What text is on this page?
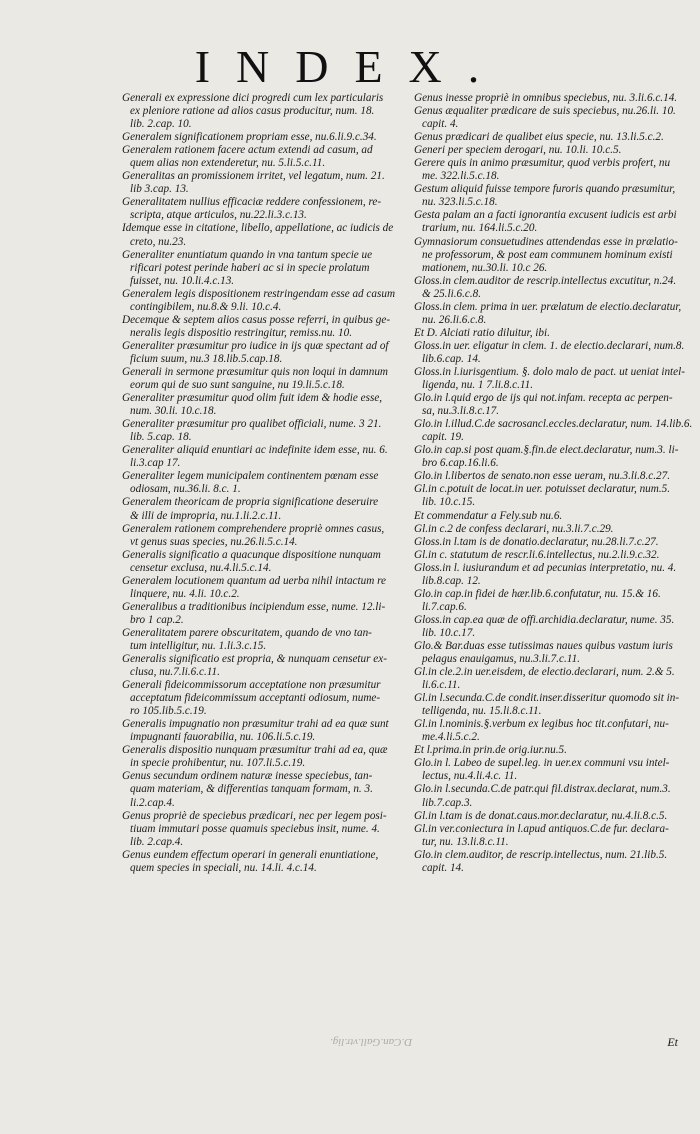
INDEX.
Generali ex expressione dici progredi cum lex particularis
ex pleniore ratione ad alios casus producitur, num. 18.
lib. 2.cap. 10.
Generalem significationem propriam esse, nu.6.li.9.c.34.
Generalem rationem facere actum extendi ad casum, ad
quem alias non extenderetur, nu. 5.li.5.c.11.
Generalitas an promissionem irritet, vel legatum, num. 21.
lib 3.cap. 13.
Generalitatem nullius efficaciæ reddere confessionem, re-
scripta, atque articulos, nu.22.li.3.c.13.
Idemque esse in citatione, libello, appellatione, ac iudicis de
creto, nu.23.
Generaliter enuntiatum quando in vna tantum specie ue
rificari potest perinde haberi ac si in specie prolatum
fuisset, nu. 10.li.4.c.13.
Generalem legis dispositionem restringendam esse ad casum
contingibilem, nu.8.& 9.li. 10.c.4.
Decemque & septem alios casus posse referri, in quibus ge-
neralis legis dispositio restringitur, remiss.nu. 10.
Generaliter præsumitur pro iudice in ijs quæ spectant ad of
ficium suum, nu.3 18.lib.5.cap.18.
Generali in sermone præsumitur quis non loqui in damnum
eorum qui de suo sunt sanguine, nu 19.li.5.c.18.
Generaliter præsumitur quod olim fuit idem & hodie esse,
num. 30.li. 10.c.18.
Generaliter præsumitur pro qualibet officiali, nume. 3 21.
lib. 5.cap. 18.
Generaliter aliquid enuntiari ac indefinite idem esse, nu. 6.
li.3.cap 17.
Generaliter legem municipalem continentem pœnam esse
odiosam, nu.36.li. 8.c. 1.
Generalem theoricam de propria significatione deseruire
& illi de impropria, nu.1.li.2.c.11.
Generalem rationem comprehendere propriè omnes casus,
vt genus suas species, nu.26.li.5.c.14.
Generalis significatio a quacunque dispositione nunquam
censetur exclusa, nu.4.li.5.c.14.
Generalem locutionem quantum ad uerba nihil intactum re
linquere, nu. 4.li. 10.c.2.
Generalibus a traditionibus incipiendum esse, nume. 12.li-
bro 1 cap.2.
Generalitatem parere obscuritatem, quando de vno tan-
tum intelligitur, nu. 1.li.3.c.15.
Generalis significatio est propria, & nunquam censetur ex-
clusa, nu.7.li.6.c.11.
Generali fideicommissorum acceptatione non præsumitur
acceptatum fideicommissum acceptanti odiosum, nume-
ro 105.lib.5.c.19.
Generalis impugnatio non præsumitur trahi ad ea quæ sunt
impugnanti fauorabilia, nu. 106.li.5.c.19.
Generalis dispositio nunquam præsumitur trahi ad ea, quæ
in specie prohibentur, nu. 107.li.5.c.19.
Genus secundum ordinem naturæ inesse speciebus, tan-
quam materiam, & differentias tanquam formam, n. 3.
li.2.cap.4.
Genus propriè de speciebus prædicari, nec per legem posi-
tiuam immutari posse quamuis speciebus insit, nume. 4.
lib. 2.cap.4.
Genus eundem effectum operari in generali enuntiatione,
quem species in speciali, nu. 14.li. 4.c.14.
Genus inesse propriè in omnibus speciebus, nu. 3.li.6.c.14.
Genus æqualiter prædicare de suis speciebus, nu.26.li. 10.
capit. 4.
Genus prædicari de qualibet eius specie, nu. 13.li.5.c.2.
Generi per speciem derogari, nu. 10.li. 10.c.5.
Gerere quis in animo præsumitur, quod verbis profert, nu
me. 322.li.5.c.18.
Gestum aliquid fuisse tempore furoris quando præsumitur,
nu. 323.li.5.c.18.
Gesta palam an a facti ignorantia excusent iudicis est arbi
trarium, nu. 164.li.5.c.20.
Gymnasiorum consuetudines attendendas esse in prælatio-
ne professorum, & post eam communem hominum existi
mationem, nu.30.li. 10.c 26.
Gloss.in clem.auditor de rescrip.intellectus excutitur, n.24.
& 25.li.6.c.8.
Gloss.in clem. prima in uer. prælatum de electio.declaratur,
nu. 26.li.6.c.8.
Et D. Alciati ratio diluitur, ibi.
Gloss.in uer. eligatur in clem. 1. de electio.declarari, num.8.
lib.6.cap. 14.
Gloss.in l.iurisgentium. §. dolo malo de pact. ut ueniat intel-
ligenda, nu. 1 7.li.8.c.11.
Glo.in l.quid ergo de ijs qui not.infam. recepta ac perpen-
sa, nu.3.li.8.c.17.
Glo.in l.illud.C.de sacrosancl.eccles.declaratur, num. 14.lib.6.
capit. 19.
Glo.in cap.si post quam.§.fin.de elect.declaratur, num.3. li-
bro 6.cap.16.li.6.
Glo.in l.libertos de senato.non esse ueram, nu.3.li.8.c.27.
Gl.in c.potuit de locat.in uer. potuisset declaratur, num.5.
lib. 10.c.15.
Et commendatur a Fely.sub nu.6.
Gl.in c.2 de confess declarari, nu.3.li.7.c.29.
Gloss.in l.tam is de donatio.declaratur, nu.28.li.7.c.27.
Gl.in c. statutum de rescr.li.6.intellectus, nu.2.li.9.c.32.
Gloss.in l. iusiurandum et ad pecunias interpretatio, nu. 4.
lib.8.cap. 12.
Glo.in cap.in fidei de hær.lib.6.confutatur, nu. 15.& 16.
li.7.cap.6.
Gloss.in cap.ea quæ de offi.archidia.declaratur, nume. 35.
lib. 10.c.17.
Glo.& Bar.duas esse tutissimas naues quibus vastum iuris
pelagus enauigamus, nu.3.li.7.c.11.
Gl.in cle.2.in uer.eisdem, de electio.declarari, num. 2.& 5.
li.6.c.11.
Gl.in l.secunda.C.de condit.inser.disseritur quomodo sit in-
telligenda, nu. 15.li.8.c.11.
Gl.in l.nominis.§.verbum ex legibus hoc tit.confutari, nu-
me.4.li.5.c.2.
Et l.prima.in prin.de orig.iur.nu.5.
Glo.in l. Labeo de supel.leg. in uer.ex communi vsu intel-
lectus, nu.4.li.4.c. 11.
Glo.in l.secunda.C.de patr.qui fil.distrax.declarat, num.3.
lib.7.cap.3.
Gl.in l.tam is de donat.caus.mor.declaratur, nu.4.li.8.c.5.
Gl.in ver.coniectura in l.apud antiquos.C.de fur. declara-
tur, nu. 13.li.8.c.11.
Glo.in clem.auditor, de rescrip.intellectus, num. 21.lib.5.
capit. 14.
D.Can.Gall.vtr.lig.	Et
